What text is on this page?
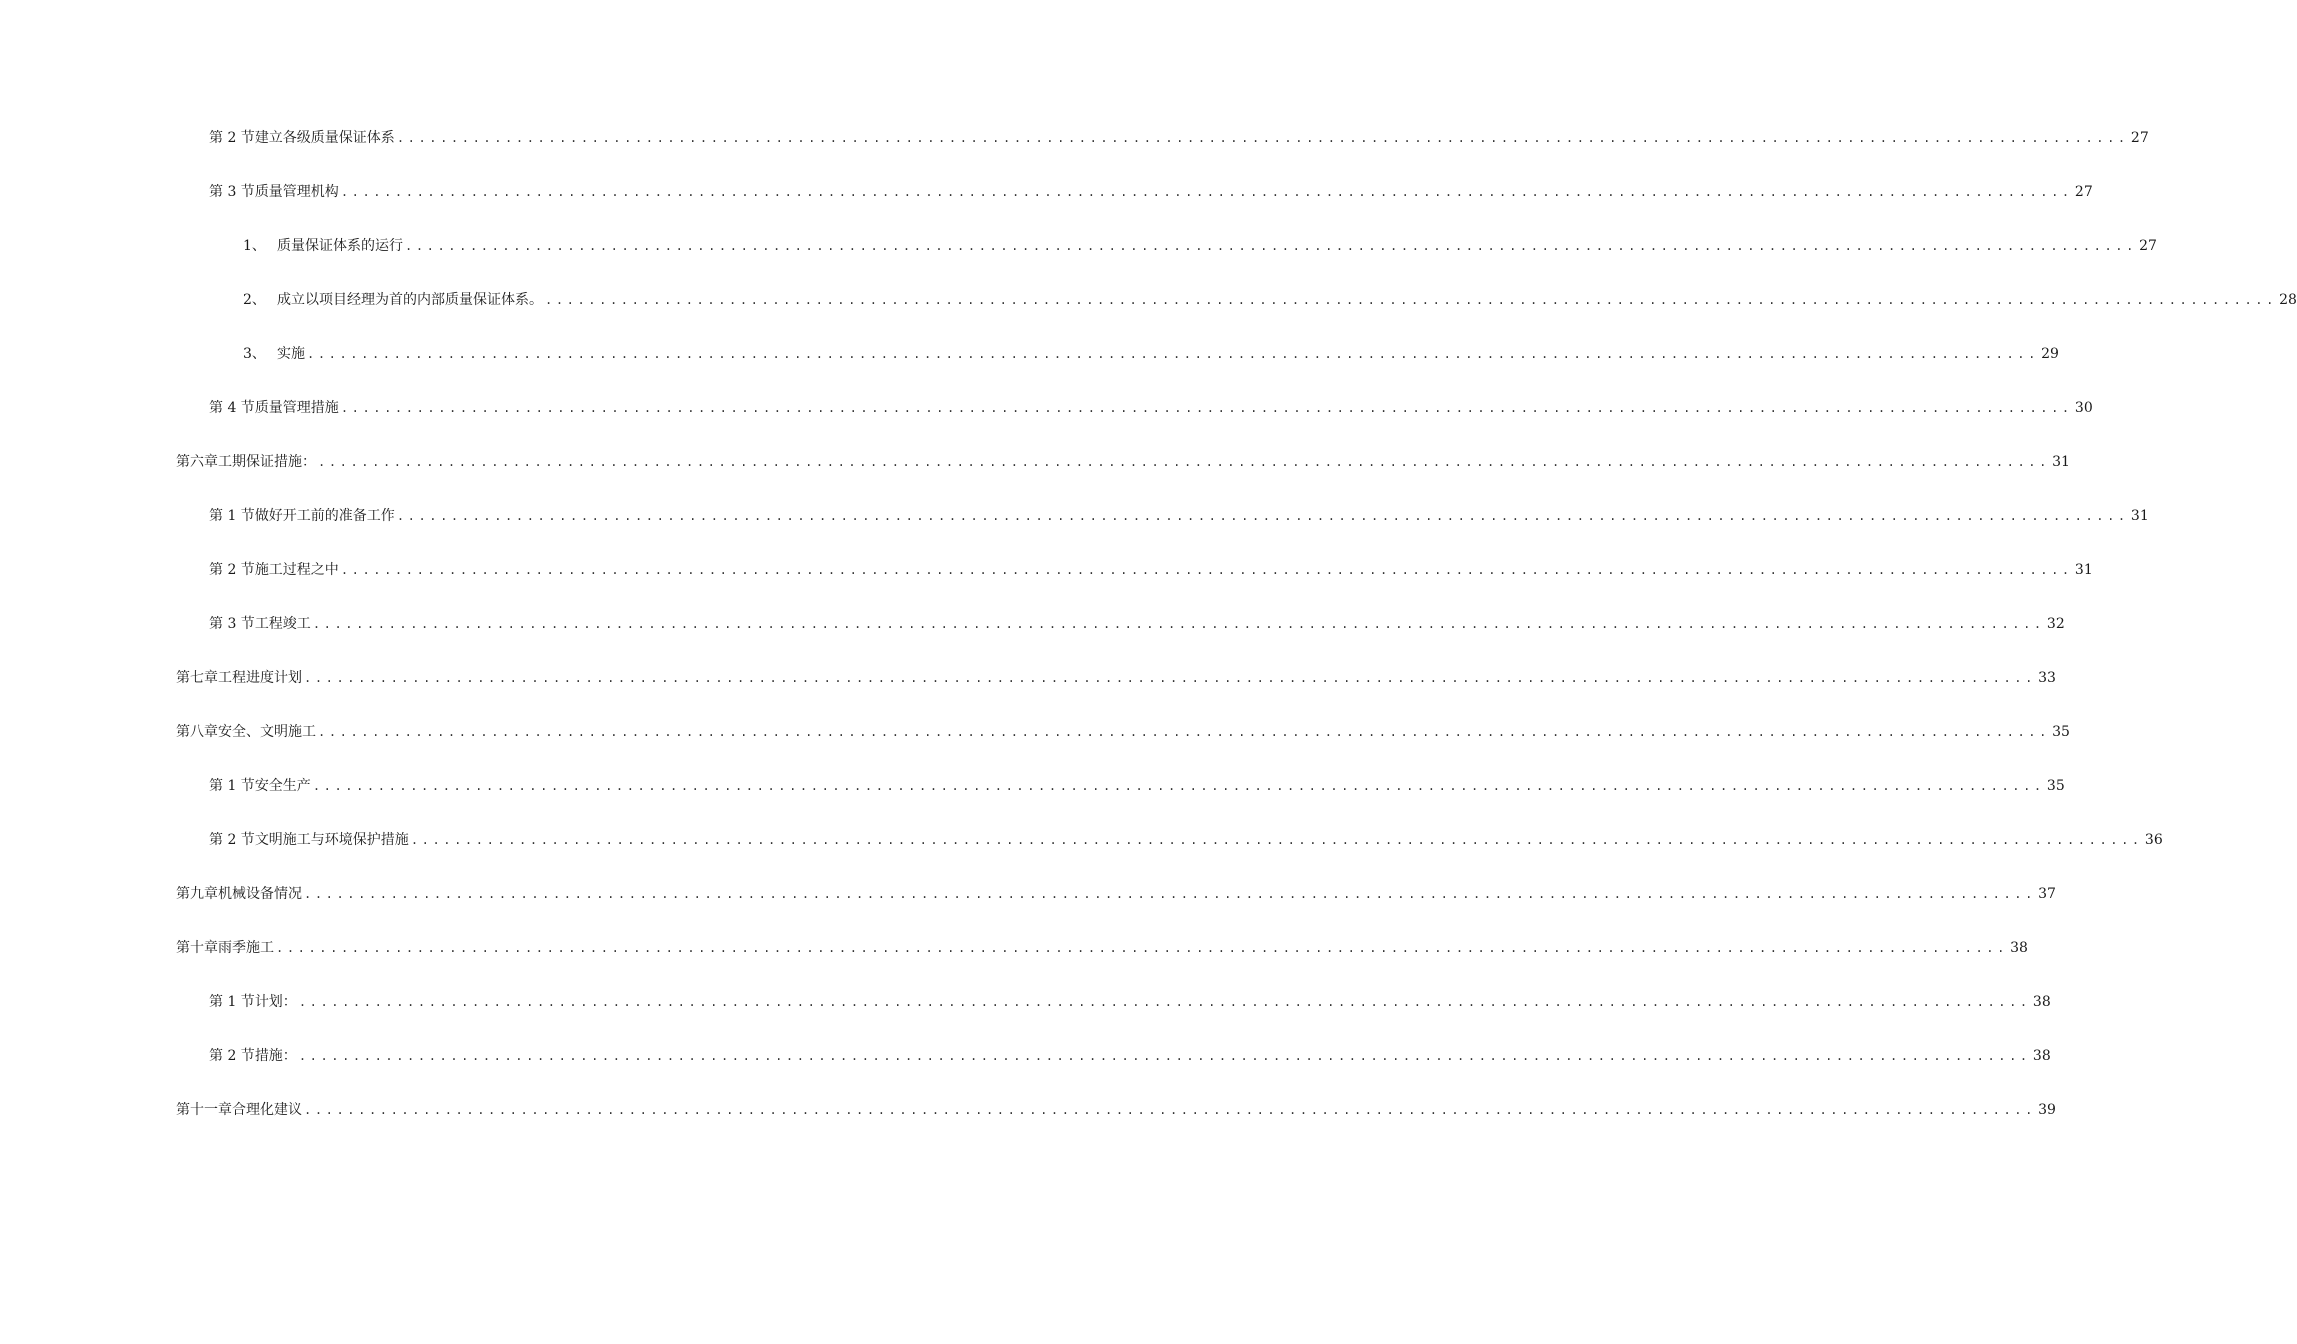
第 2 节 建立各级质量保证体系 ................................................................................................................................................................ 27
第 3 节 质量管理机构 ................................................................................................................................................................ 27
1、 质量保证体系的运行 ................................................................................................................................................................ 27
2、 成立以项目经理为首的内部质量保证体系。 ................................................................................................................................................................ 28
3、 实施 ................................................................................................................................................................ 29
第 4 节 质量管理措施 ................................................................................................................................................................ 30
第六章 工期保证措施： ................................................................................................................................................................ 31
第 1 节 做好开工前的准备工作 ................................................................................................................................................................ 31
第 2 节 施工过程之中 ................................................................................................................................................................ 31
第 3 节 工程竣工 ................................................................................................................................................................ 32
第七章 工程进度计划 ................................................................................................................................................................ 33
第八章 安全、文明施工 ................................................................................................................................................................ 35
第 1 节 安全生产 ................................................................................................................................................................ 35
第 2 节 文明施工与环境保护措施 ................................................................................................................................................................ 36
第九章 机械设备情况 ................................................................................................................................................................ 37
第十章 雨季施工 ................................................................................................................................................................ 38
第 1 节 计划： ................................................................................................................................................................ 38
第 2 节 措施： ................................................................................................................................................................ 38
第十一章 合理化建议 ................................................................................................................................................................ 39
